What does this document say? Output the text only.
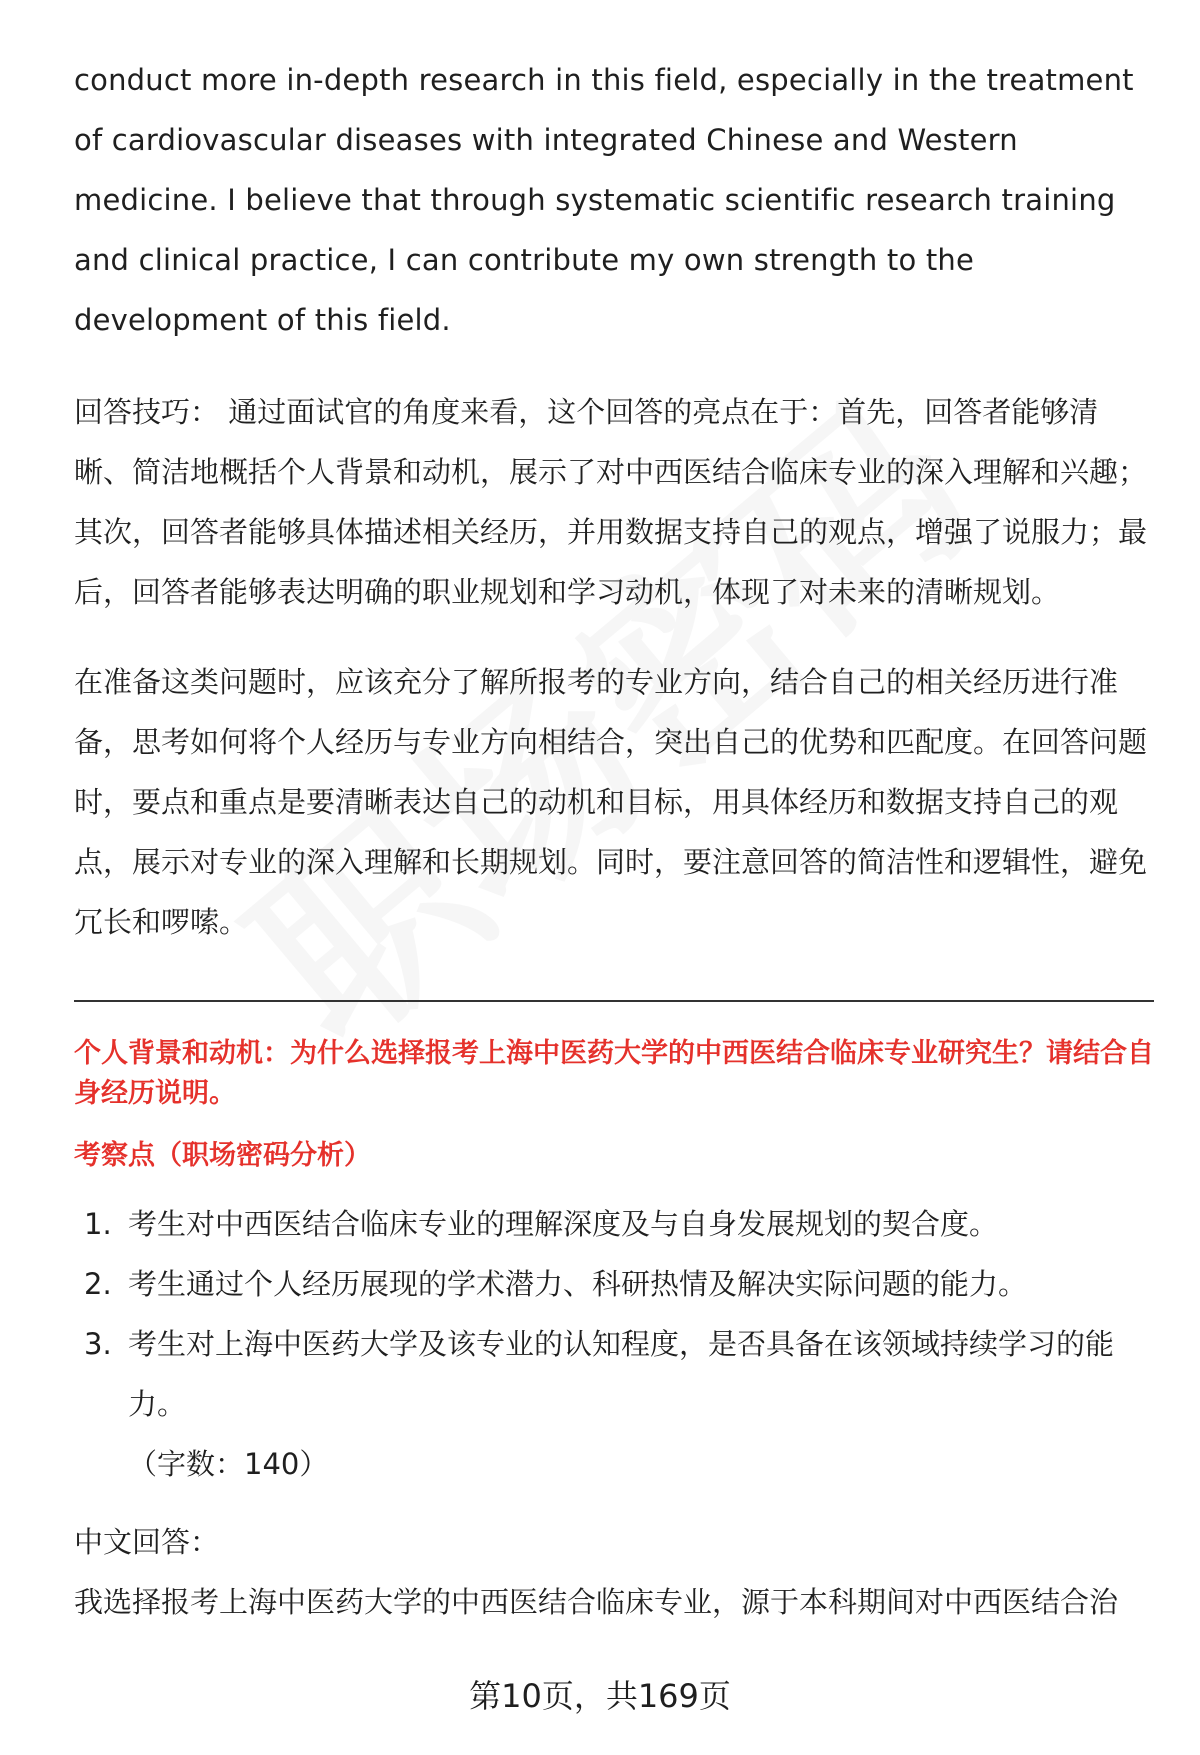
conduct more in-depth research in this field, especially in the treatment of cardiovascular diseases with integrated Chinese and Western medicine. I believe that through systematic scientific research training and clinical practice, I can contribute my own strength to the development of this field.

回答技巧： 通过面试官的角度来看，这个回答的亮点在于：首先，回答者能够清晰、简洁地概括个人背景和动机，展示了对中西医结合临床专业的深入理解和兴趣；其次，回答者能够具体描述相关经历，并用数据支持自己的观点，增强了说服力；最后，回答者能够表达明确的职业规划和学习动机，体现了对未来的清晰规划。

在准备这类问题时，应该充分了解所报考的专业方向，结合自己的相关经历进行准备，思考如何将个人经历与专业方向相结合，突出自己的优势和匹配度。在回答问题时，要点和重点是要清晰表达自己的动机和目标，用具体经历和数据支持自己的观点，展示对专业的深入理解和长期规划。同时，要注意回答的简洁性和逻辑性，避免冗长和啰嗦。

个人背景和动机：为什么选择报考上海中医药大学的中西医结合临床专业研究生？请结合自身经历说明。

考察点（职场密码分析）

1. 考生对中西医结合临床专业的理解深度及与自身发展规划的契合度。
2. 考生通过个人经历展现的学术潜力、科研热情及解决实际问题的能力。
3. 考生对上海中医药大学及该专业的认知程度，是否具备在该领域持续学习的能力。

（字数：140）

中文回答：

我选择报考上海中医药大学的中西医结合临床专业，源于本科期间对中西医结合治

第10页，共169页
